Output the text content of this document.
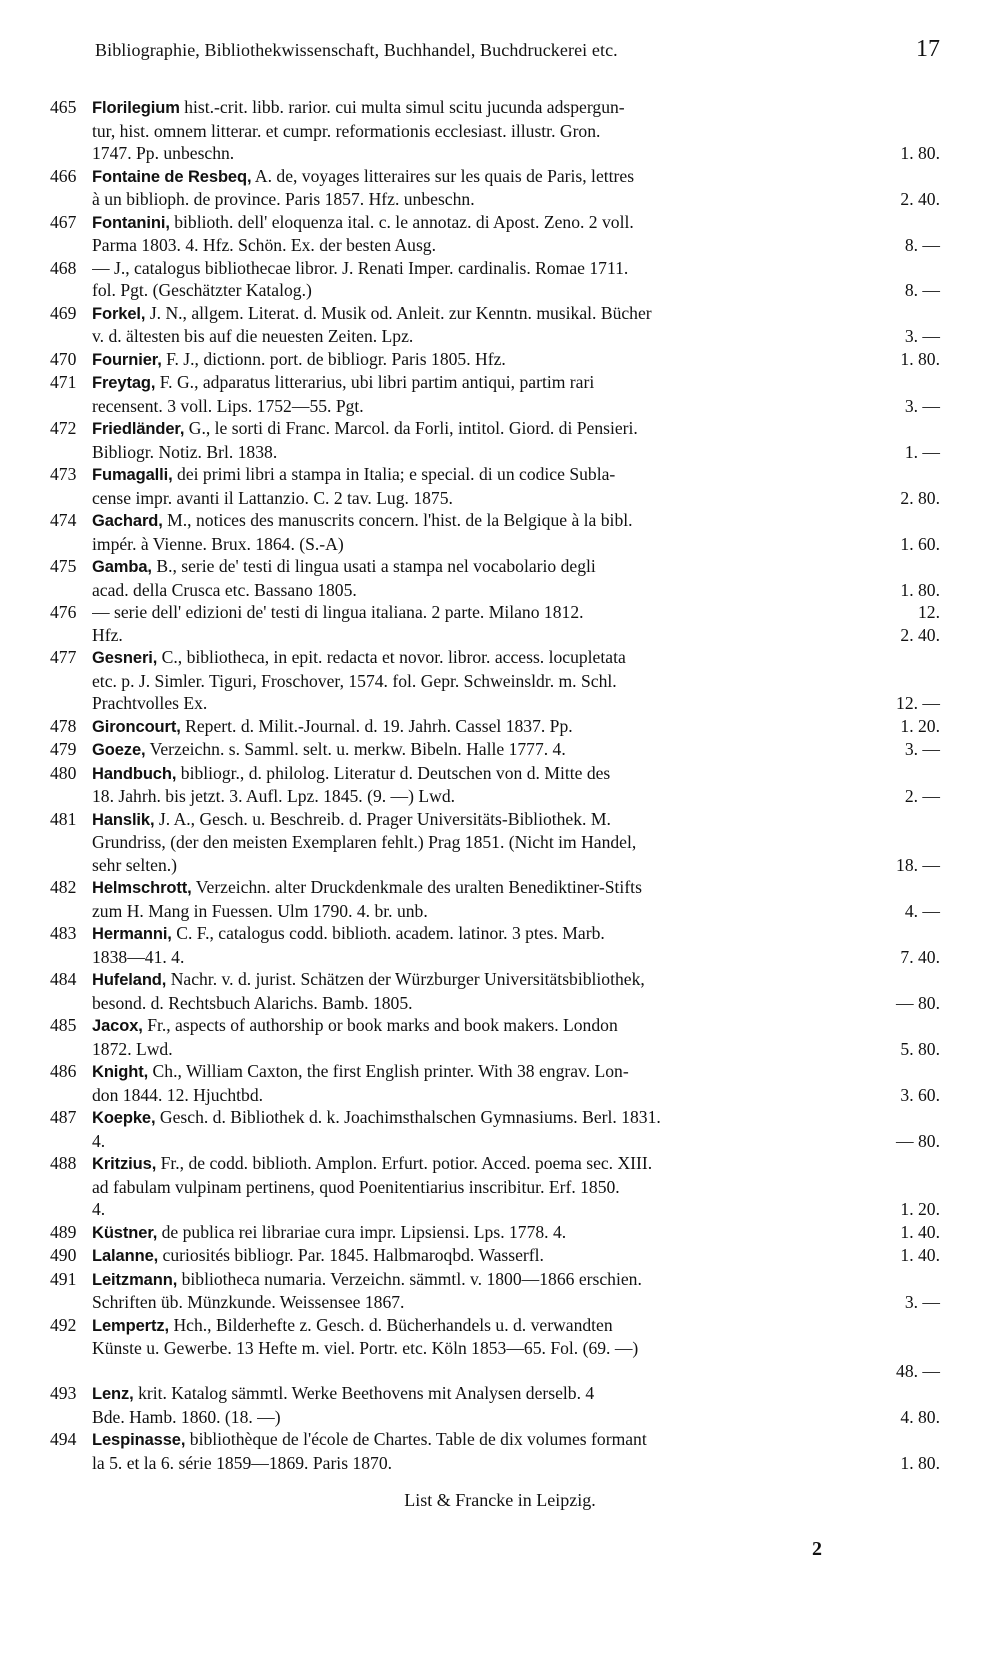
Bibliographie, Bibliothekwissenschaft, Buchhandel, Buchdruckerei etc.	17
465 Florilegium hist.-crit. libb. rarior. cui multa simul scitu jucunda adspergun-
tur, hist. omnem litterar. et cumpr. reformationis ecclesiast. illustr. Gron.
1747. Pp. unbeschn.	1. 80.
466 Fontaine de Resbeq, A. de, voyages litteraires sur les quais de Paris, lettres
à un biblioph. de province. Paris 1857. Hfz. unbeschn.	2. 40.
467 Fontanini, biblioth. dell' eloquenza ital. c. le annotaz. di Apost. Zeno. 2 voll.
Parma 1803. 4. Hfz. Schön. Ex. der besten Ausg.	8. —
468 — J., catalogus bibliothecae libror. J. Renati Imper. cardinalis. Romae 1711.
fol. Pgt. (Geschätzter Katalog.)	8. —
469 Forkel, J. N., allgem. Literat. d. Musik od. Anleit. zur Kenntn. musikal. Bücher
v. d. ältesten bis auf die neuesten Zeiten. Lpz.	3. —
470 Fournier, F. J., dictionn. port. de bibliogr. Paris 1805. Hfz.	1. 80.
471 Freytag, F. G., adparatus litterarius, ubi libri partim antiqui, partim rari
recensent. 3 voll. Lips. 1752—55. Pgt.	3. —
472 Friedländer, G., le sorti di Franc. Marcol. da Forli, intitol. Giord. di Pensieri.
Bibliogr. Notiz. Brl. 1838.	1. —
473 Fumagalli, dei primi libri a stampa in Italia; e special. di un codice Subla-
cense impr. avanti il Lattanzio. C. 2 tav. Lug. 1875.	2. 80.
474 Gachard, M., notices des manuscrits concern. l'hist. de la Belgique à la bibl.
impér. à Vienne. Brux. 1864. (S.-A)	1. 60.
475 Gamba, B., serie de' testi di lingua usati a stampa nel vocabolario degli
acad. della Crusca etc. Bassano 1805.	1. 80.
476 — serie dell' edizioni de' testi di lingua italiana. 2 parte. Milano 1812.	12.
Hfz.	2. 40.
477 Gesneri, C., bibliotheca, in epit. redacta et novor. libror. access. locupletata
etc. p. J. Simler. Tiguri, Froschover, 1574. fol. Gepr. Schweinsldr. m. Schl.
Prachtvolles Ex.	12. —
478 Gironcourt, Repert. d. Milit.-Journal. d. 19. Jahrh. Cassel 1837. Pp.	1. 20.
479 Goeze, Verzeichn. s. Samml. selt. u. merkw. Bibeln. Halle 1777. 4.	3. —
480 Handbuch, bibliogr., d. philolog. Literatur d. Deutschen von d. Mitte des
18. Jahrh. bis jetzt. 3. Aufl. Lpz. 1845. (9. —) Lwd.	2. —
481 Hanslik, J. A., Gesch. u. Beschreib. d. Prager Universitäts-Bibliothek. M.
Grundriss, (der den meisten Exemplaren fehlt.) Prag 1851. (Nicht im Handel,
sehr selten.)	18. —
482 Helmschrott, Verzeichn. alter Druckdenkmale des uralten Benediktiner-Stifts
zum H. Mang in Fuessen. Ulm 1790. 4. br. unb.	4. —
483 Hermanni, C. F., catalogus codd. biblioth. academ. latinor. 3 ptes. Marb.
1838—41. 4.	7. 40.
484 Hufeland, Nachr. v. d. jurist. Schätzen der Würzburger Universitätsbibliothek,
besond. d. Rechtsbuch Alarichs. Bamb. 1805.	— 80.
485 Jacox, Fr., aspects of authorship or book marks and book makers. London
1872. Lwd.	5. 80.
486 Knight, Ch., William Caxton, the first English printer. With 38 engrav. Lon-
don 1844. 12. Hjuchtbd.	3. 60.
487 Koepke, Gesch. d. Bibliothek d. k. Joachimsthalschen Gymnasiums. Berl. 1831.
4.	— 80.
488 Kritzius, Fr., de codd. biblioth. Amplon. Erfurt. potior. Acced. poema sec. XIII.
ad fabulam vulpinam pertinens, quod Poenitentiarius inscribitur. Erf. 1850.
4.	1. 20.
489 Küstner, de publica rei librariae cura impr. Lipsiensi. Lps. 1778. 4.	1. 40.
490 Lalanne, curiosités bibliogr. Par. 1845. Halbmaroqbd. Wasserfl.	1. 40.
491 Leitzmann, bibliotheca numaria. Verzeichn. sämmtl. v. 1800—1866 erschien.
Schriften üb. Münzkunde. Weissensee 1867.	3. —
492 Lempertz, Hch., Bilderhefte z. Gesch. d. Bücherhandels u. d. verwandten
Künste u. Gewerbe. 13 Hefte m. viel. Portr. etc. Köln 1853—65. Fol. (69. —)
48. —
493 Lenz, krit. Katalog sämmtl. Werke Beethovens mit Analysen derselb. 4
Bde. Hamb. 1860. (18. —)	4. 80.
494 Lespinasse, bibliothèque de l'école de Chartes. Table de dix volumes formant
la 5. et la 6. série 1859—1869. Paris 1870.	1. 80.
List & Francke in Leipzig.
2
